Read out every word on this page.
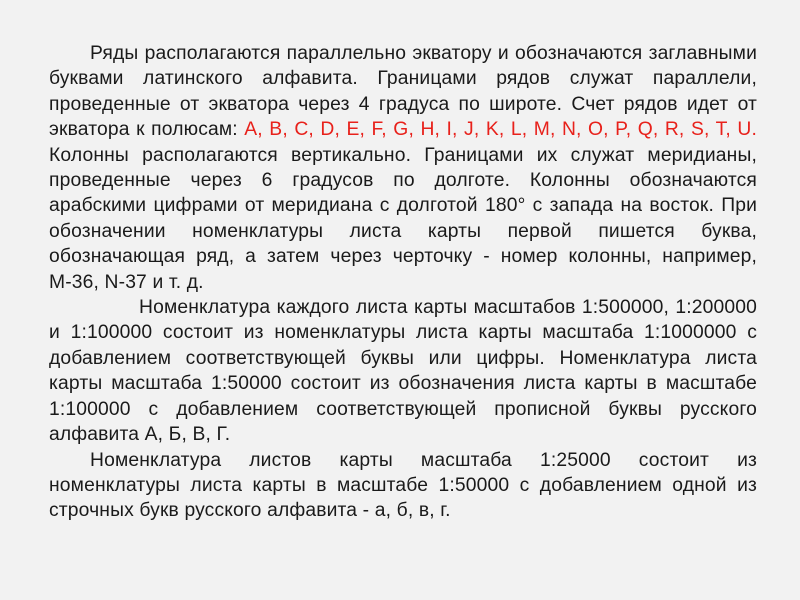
Ряды располагаются параллельно экватору и обозначаются заглавными буквами латинского алфавита. Границами рядов служат параллели, проведенные от экватора через 4 градуса по широте. Счет рядов идет от экватора к полюсам: A, B, C, D, E, F, G, H, I, J, K, L, M, N, O, P, Q, R, S, T, U. Колонны располагаются вертикально. Границами их служат меридианы, проведенные через 6 градусов по долготе. Колонны обозначаются арабскими цифрами от меридиана с долготой 180° с запада на восток. При обозначении номенклатуры листа карты первой пишется буква, обозначающая ряд, а затем через черточку - номер колонны, например, М-36, N-37 и т. д.

Номенклатура каждого листа карты масштабов 1:500000, 1:200000 и 1:100000 состоит из номенклатуры листа карты масштаба 1:1000000 с добавлением соответствующей буквы или цифры. Номенклатура листа карты масштаба 1:50000 состоит из обозначения листа карты в масштабе 1:100000 с добавлением соответствующей прописной буквы русского алфавита А, Б, В, Г.

Номенклатура листов карты масштаба 1:25000 состоит из номенклатуры листа карты в масштабе 1:50000 с добавлением одной из строчных букв русского алфавита - а, б, в, г.
